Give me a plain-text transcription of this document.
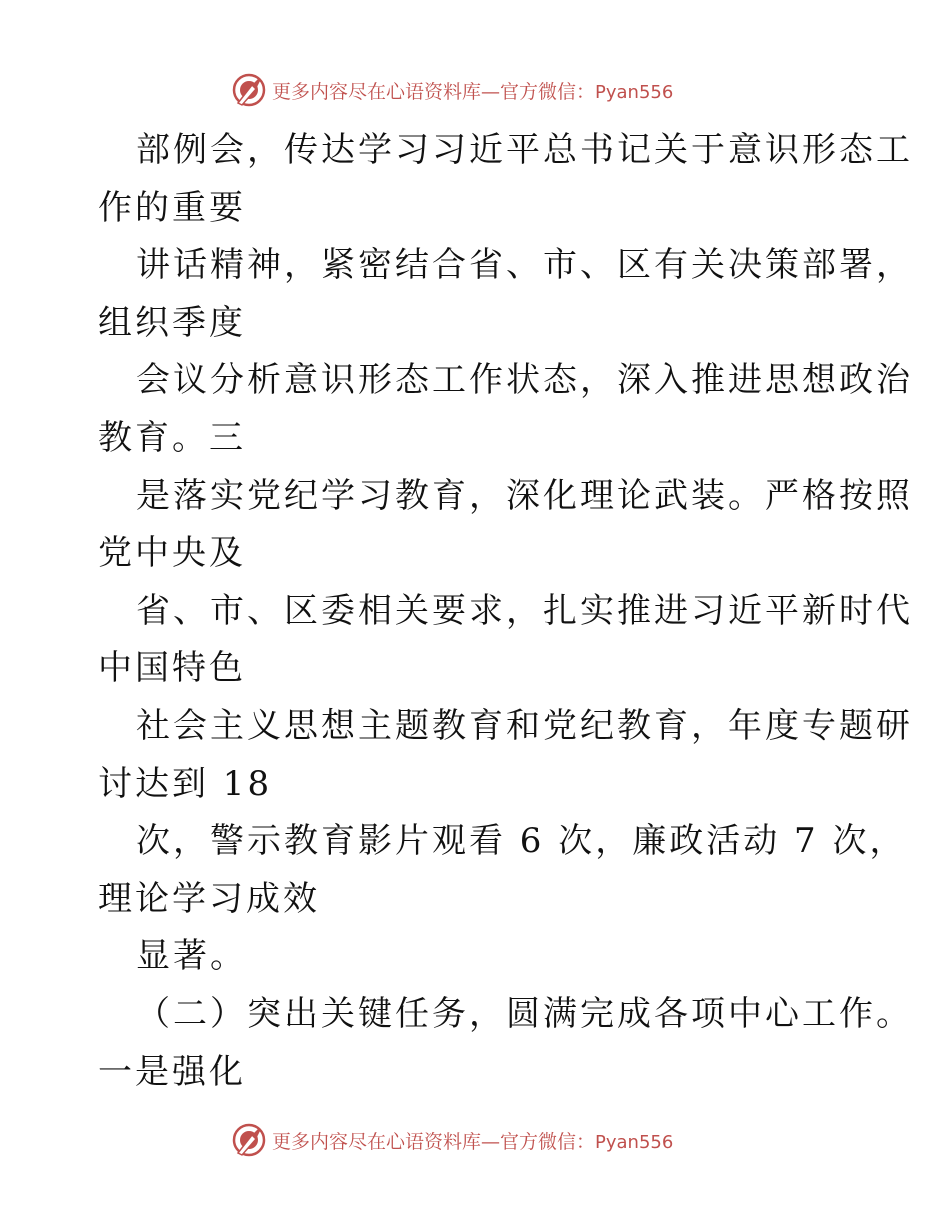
更多内容尽在心语资料库—官方微信：Pyan556
部例会，传达学习习近平总书记关于意识形态工
作的重要
讲话精神，紧密结合省、市、区有关决策部署，
组织季度
会议分析意识形态工作状态，深入推进思想政治
教育。三
是落实党纪学习教育，深化理论武装。严格按照
党中央及
省、市、区委相关要求，扎实推进习近平新时代
中国特色
社会主义思想主题教育和党纪教育，年度专题研
讨达到 18
次，警示教育影片观看 6 次，廉政活动 7 次，
理论学习成效
显著。
（二）突出关键任务，圆满完成各项中心工作。
一是强化
更多内容尽在心语资料库—官方微信：Pyan556
